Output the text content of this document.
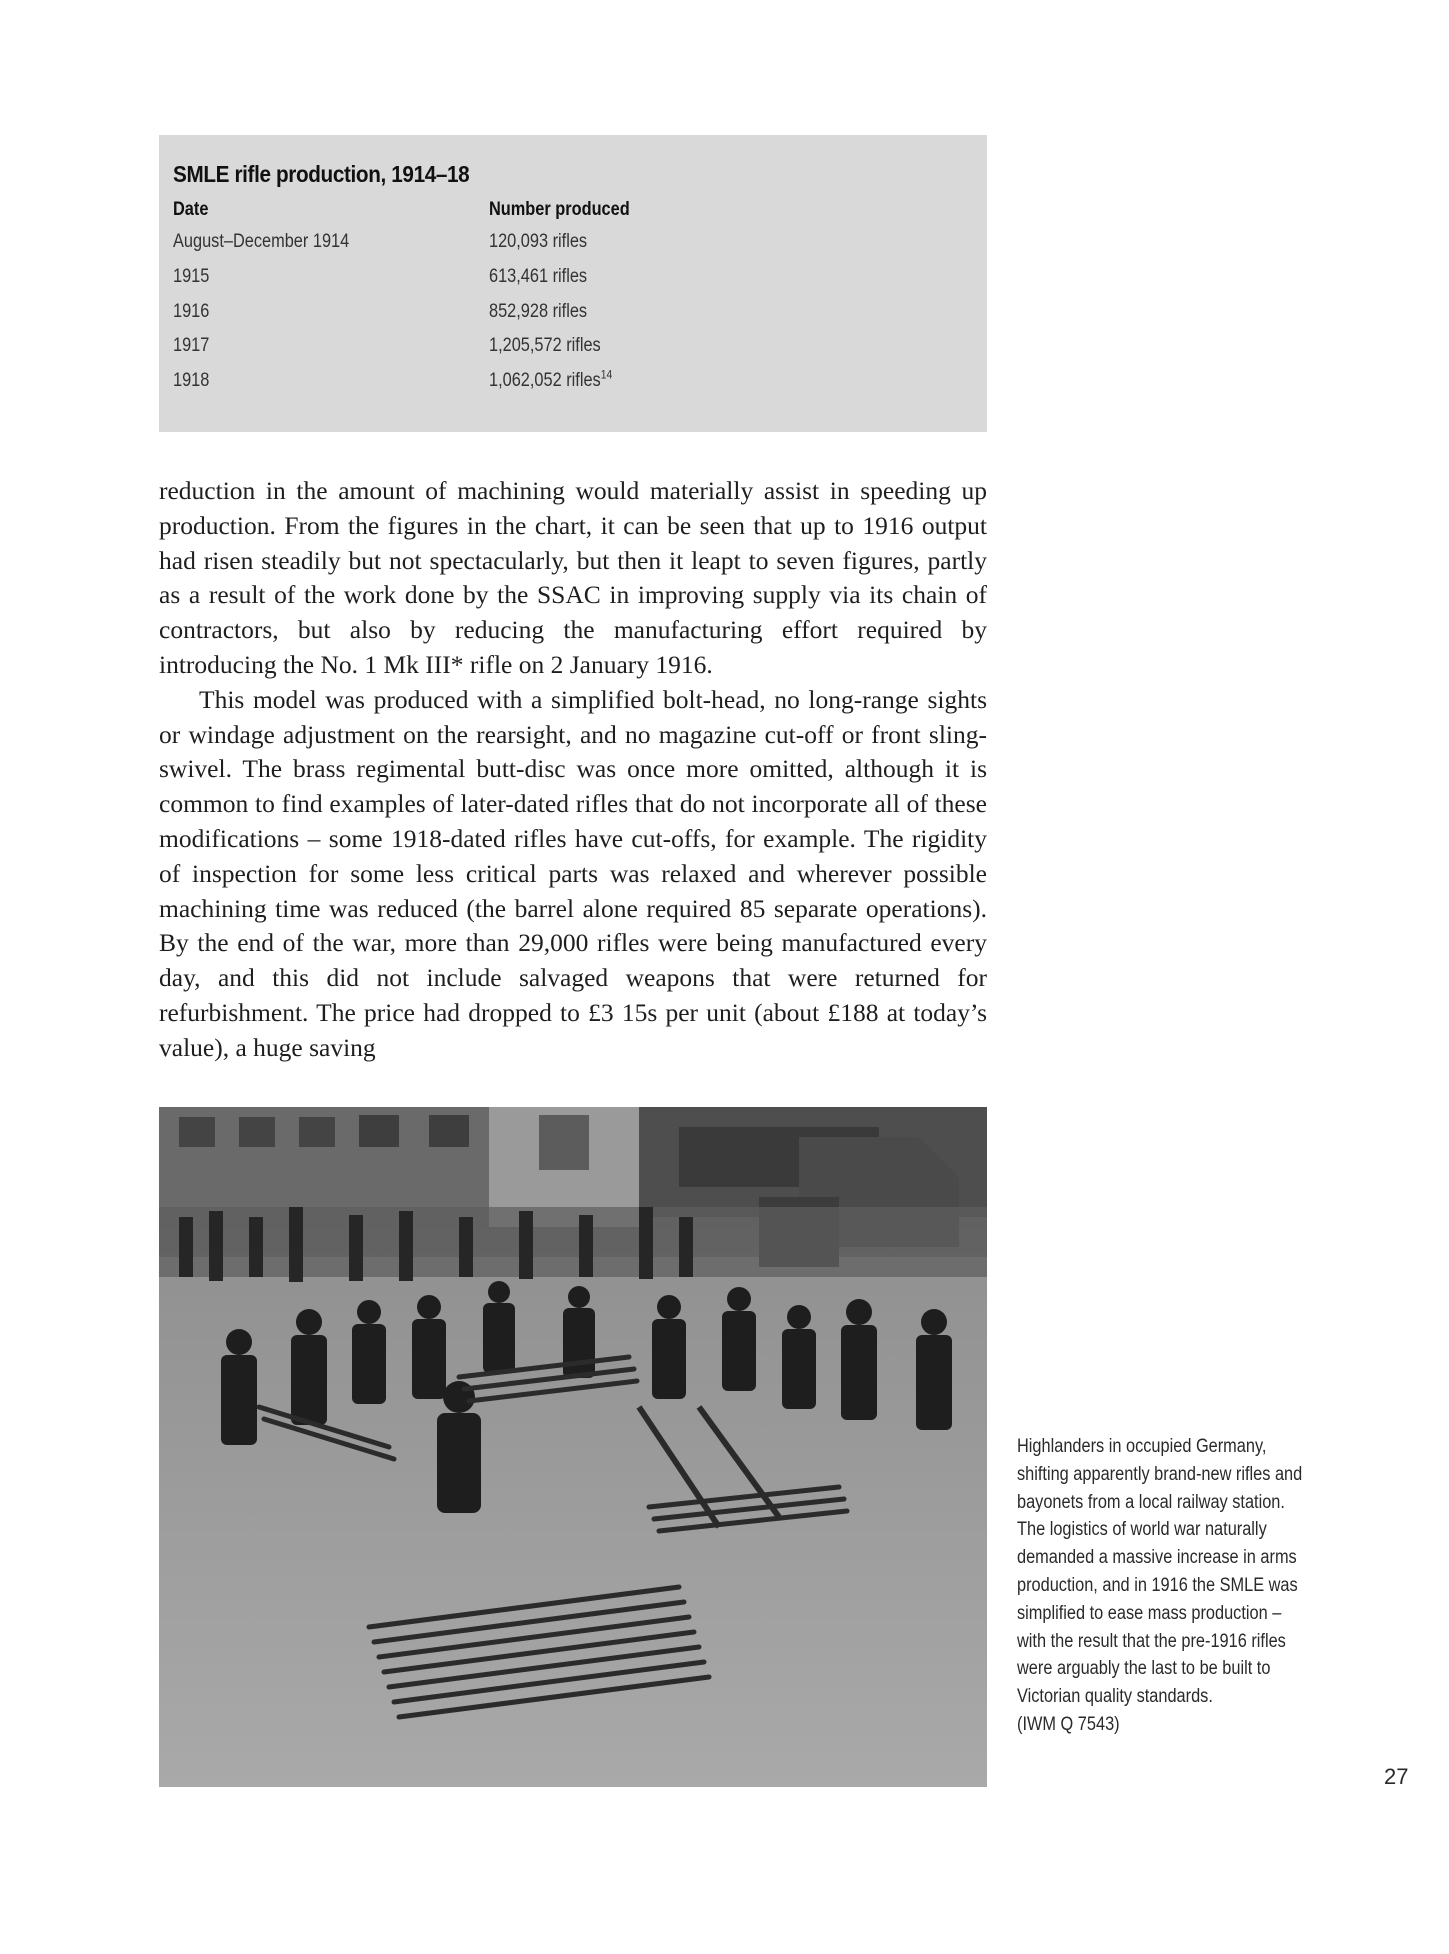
SMLE rifle production, 1914–18
Date	Number produced
August–December 1914	120,093 rifles
1915	613,461 rifles
1916	852,928 rifles
1917	1,205,572 rifles
1918	1,062,052 rifles$^{14}$

reduction in the amount of machining would materially assist in speeding up production. From the figures in the chart, it can be seen that up to 1916 output had risen steadily but not spectacularly, but then it leapt to seven figures, partly as a result of the work done by the SSAC in improving supply via its chain of contractors, but also by reducing the manufacturing effort required by introducing the No. 1 Mk III* rifle on 2 January 1916.

This model was produced with a simplified bolt-head, no long-range sights or windage adjustment on the rearsight, and no magazine cut-off or front sling-swivel. The brass regimental butt-disc was once more omitted, although it is common to find examples of later-dated rifles that do not incorporate all of these modifications – some 1918-dated rifles have cut-offs, for example. The rigidity of inspection for some less critical parts was relaxed and wherever possible machining time was reduced (the barrel alone required 85 separate operations). By the end of the war, more than 29,000 rifles were being manufactured every day, and this did not include salvaged weapons that were returned for refurbishment. The price had dropped to £3 15s per unit (about £188 at today’s value), a huge saving

Highlanders in occupied Germany, shifting apparently brand-new rifles and bayonets from a local railway station. The logistics of world war naturally demanded a massive increase in arms production, and in 1916 the SMLE was simplified to ease mass production – with the result that the pre-1916 rifles were arguably the last to be built to Victorian quality standards.
(IWM Q 7543)
27
